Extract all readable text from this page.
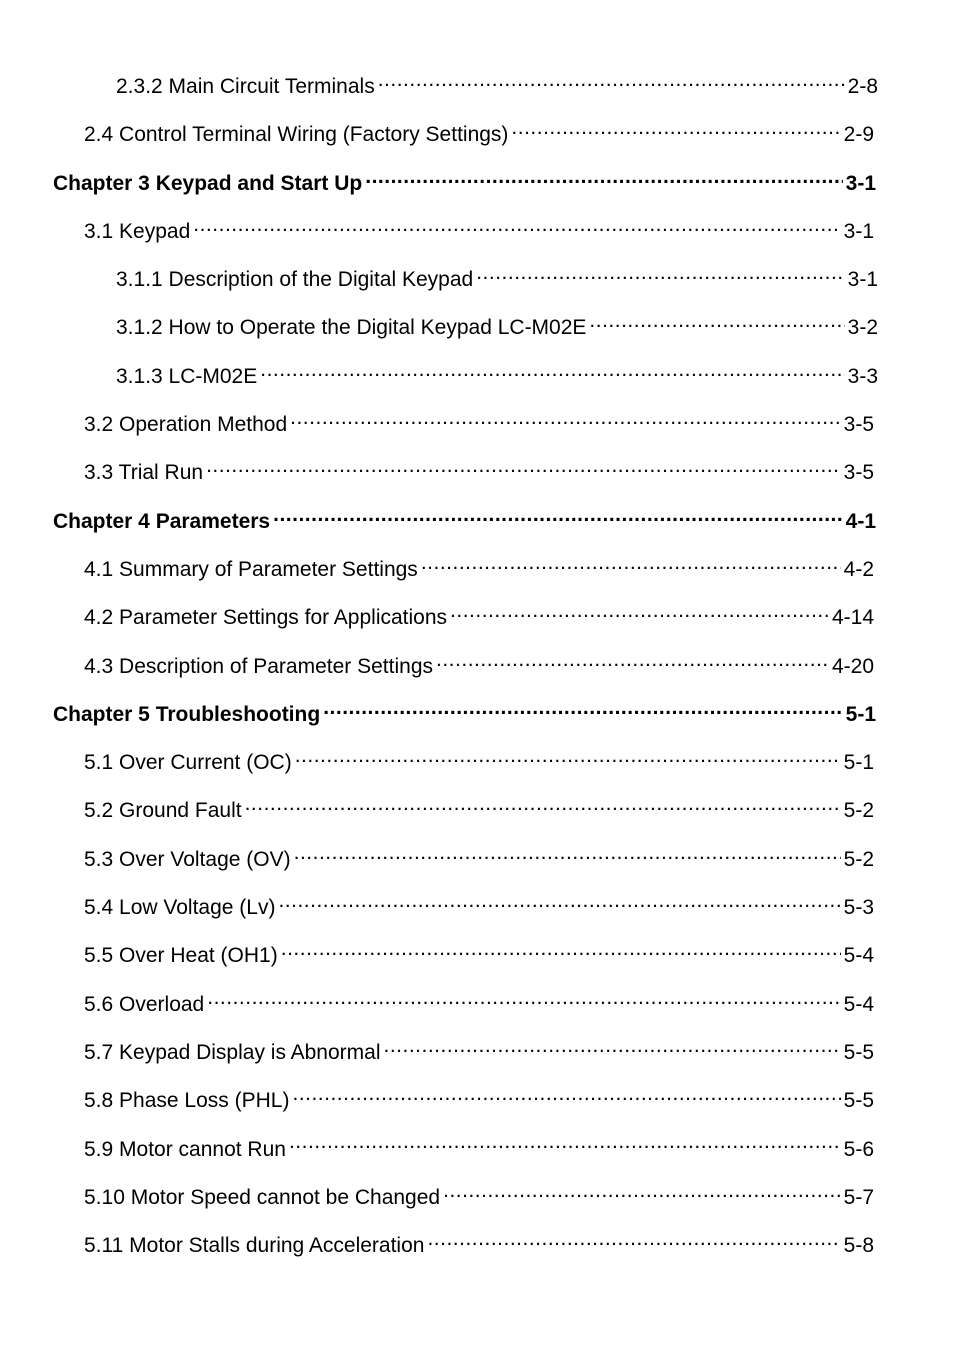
2.3.2 Main Circuit Terminals .....	2-8
2.4 Control Terminal Wiring (Factory Settings) .....	2-9
Chapter 3 Keypad and Start Up .....	3-1
3.1 Keypad .....	3-1
3.1.1 Description of the Digital Keypad .....	3-1
3.1.2 How to Operate the Digital Keypad LC-M02E .....	3-2
3.1.3 LC-M02E .....	3-3
3.2 Operation Method .....	3-5
3.3 Trial Run .....	3-5
Chapter 4 Parameters .....	4-1
4.1 Summary of Parameter Settings .....	4-2
4.2 Parameter Settings for Applications .....	4-14
4.3 Description of Parameter Settings .....	4-20
Chapter 5 Troubleshooting .....	5-1
5.1 Over Current (OC) .....	5-1
5.2 Ground Fault .....	5-2
5.3 Over Voltage (OV) .....	5-2
5.4 Low Voltage (Lv) .....	5-3
5.5 Over Heat (OH1) .....	5-4
5.6 Overload .....	5-4
5.7 Keypad Display is Abnormal .....	5-5
5.8 Phase Loss (PHL) .....	5-5
5.9 Motor cannot Run .....	5-6
5.10 Motor Speed cannot be Changed .....	5-7
5.11 Motor Stalls during Acceleration .....	5-8
